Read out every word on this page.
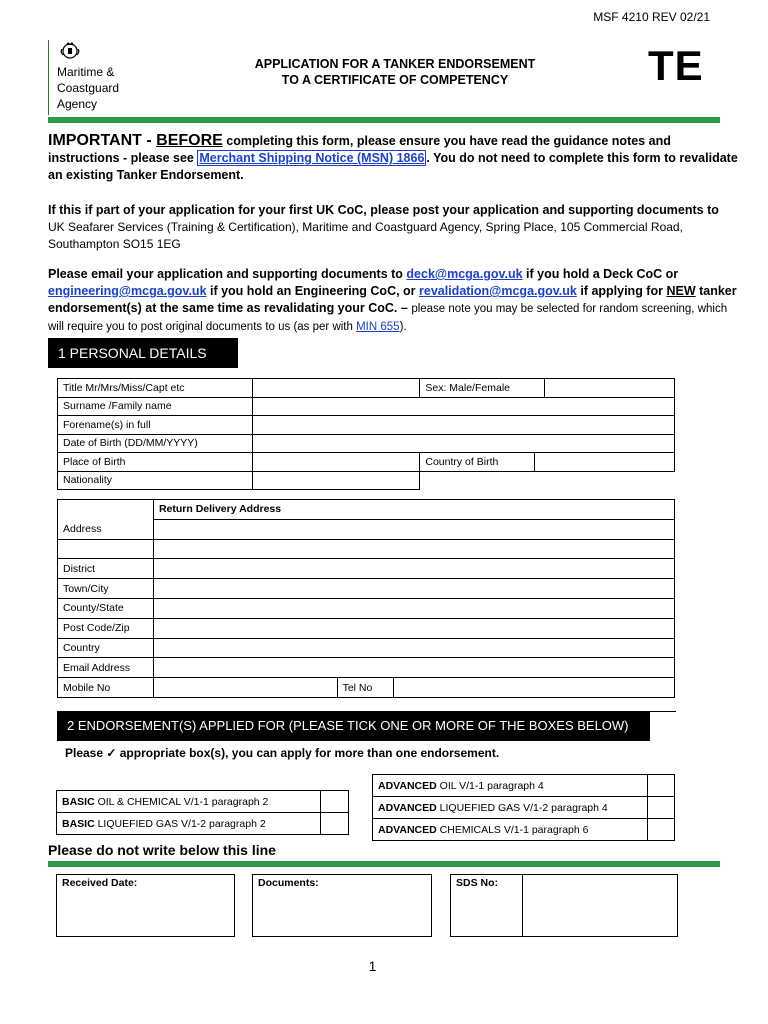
MSF 4210 REV 02/21
Maritime &
Coastguard
Agency
APPLICATION FOR A TANKER ENDORSEMENT
TO A CERTIFICATE OF COMPETENCY	TE
IMPORTANT - BEFORE completing this form, please ensure you have read the guidance notes and instructions - please see Merchant Shipping Notice (MSN) 1866 . You do not need to complete this form to revalidate an existing Tanker Endorsement.
If this if part of your application for your first UK CoC, please post your application and supporting documents to UK Seafarer Services (Training & Certification), Maritime and Coastguard Agency, Spring Place, 105 Commercial Road, Southampton SO15 1EG
Please email your application and supporting documents to deck@mcga.gov.uk if you hold a Deck CoC or engineering@mcga.gov.uk if you hold an Engineering CoC, or revalidation@mcga.gov.uk if applying for NEW tanker endorsement(s) at the same time as revalidating your CoC. – please note you may be selected for random screening, which will require you to post original documents to us (as per with MIN 655).
1 PERSONAL DETAILS
Title Mr/Mrs/Miss/Capt etc		Sex: Male/Female		
Surname /Family name				
Forename(s) in full				
Date of Birth (DD/MM/YYYY)				
Place of Birth		Country of Birth		
Nationality				
	Return Delivery Address		
Address			

District			
Town/City			
County/State			
Post Code/Zip			
Country			
Email Address			
Mobile No		Tel No	
2 ENDORSEMENT(S) APPLIED FOR (PLEASE TICK ONE OR MORE OF THE BOXES BELOW)
Please ✓ appropriate box(s), you can apply for more than one endorsement.
ADVANCED OIL V/1-1 paragraph 4	
ADVANCED LIQUEFIED GAS V/1-2 paragraph 4	
ADVANCED CHEMICALS V/1-1 paragraph 6	
BASIC OIL & CHEMICAL V/1-1 paragraph 2	
BASIC LIQUEFIED GAS V/1-2 paragraph 2	
Please do not write below this line
Received Date:	Documents:	SDS No:	
1
